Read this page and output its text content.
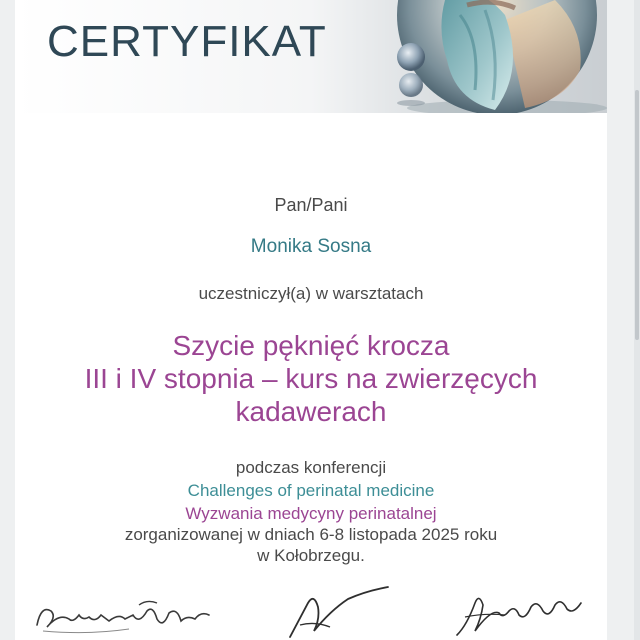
CERTYFIKAT
Pan/Pani
Monika Sosna
uczestniczył(a) w warsztatach
Szycie pęknięć krocza
III i IV stopnia – kurs na zwierzęcych
kadawerach
podczas konferencji
Challenges of perinatal medicine
Wyzwania medycyny perinatalnej
zorganizowanej w dniach 6-8 listopada 2025 roku
w Kołobrzegu.
